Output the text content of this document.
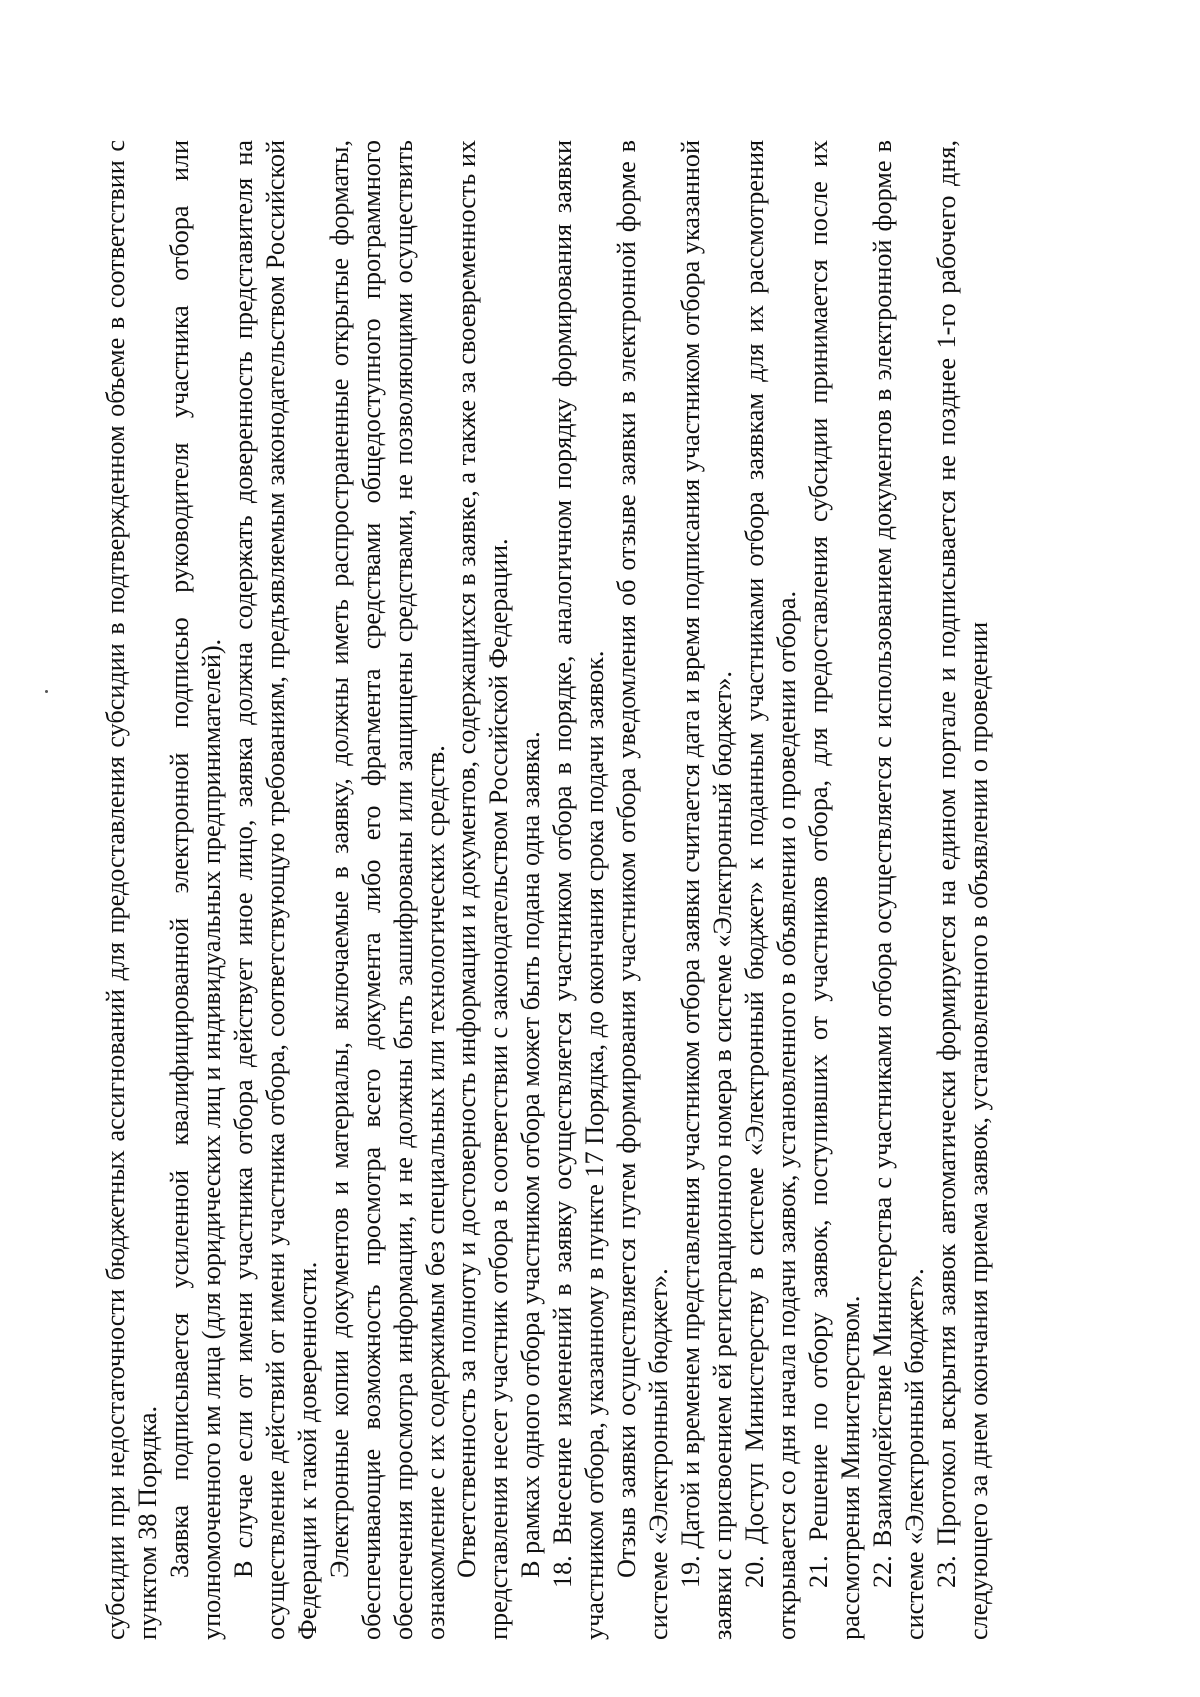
субсидии при недостаточности бюджетных ассигнований для предоставления субсидии в подтвержденном объеме в соответствии с пунктом 38 Порядка. Заявка подписывается усиленной квалифицированной электронной подписью руководителя участника отбора или уполномоченного им лица (для юридических лиц и индивидуальных предпринимателей). В случае если от имени участника отбора действует иное лицо, заявка должна содержать доверенность представителя на осуществление действий от имени участника отбора, соответствующую требованиям, предъявляемым законодательством Российской Федерации к такой доверенности. Электронные копии документов и материалы, включаемые в заявку, должны иметь распространенные открытые форматы, обеспечивающие возможность просмотра всего документа либо его фрагмента средствами общедоступного программного обеспечения просмотра информации, и не должны быть зашифрованы или защищены средствами, не позволяющими осуществить ознакомление с их содержимым без специальных или технологических средств. Ответственность за полноту и достоверность информации и документов, содержащихся в заявке, а также за своевременность их представления несет участник отбора в соответствии с законодательством Российской Федерации. В рамках одного отбора участником отбора может быть подана одна заявка. 18. Внесение изменений в заявку осуществляется участником отбора в порядке, аналогичном порядку формирования заявки участником отбора, указанному в пункте 17 Порядка, до окончания срока подачи заявок. Отзыв заявки осуществляется путем формирования участником отбора уведомления об отзыве заявки в электронной форме в системе «Электронный бюджет». 19. Датой и временем представления участником отбора заявки считается дата и время подписания участником отбора указанной заявки с присвоением ей регистрационного номера в системе «Электронный бюджет». 20. Доступ Министерству в системе «Электронный бюджет» к поданным участниками отбора заявкам для их рассмотрения открывается со дня начала подачи заявок, установленного в объявлении о проведении отбора. 21. Решение по отбору заявок, поступивших от участников отбора, для предоставления субсидии принимается после их рассмотрения Министерством. 22. Взаимодействие Министерства с участниками отбора осуществляется с использованием документов в электронной форме в системе «Электронный бюджет». 23. Протокол вскрытия заявок автоматически формируется на едином портале и подписывается не позднее 1-го рабочего дня, следующего за днем окончания приема заявок, установленного в объявлении о проведении
